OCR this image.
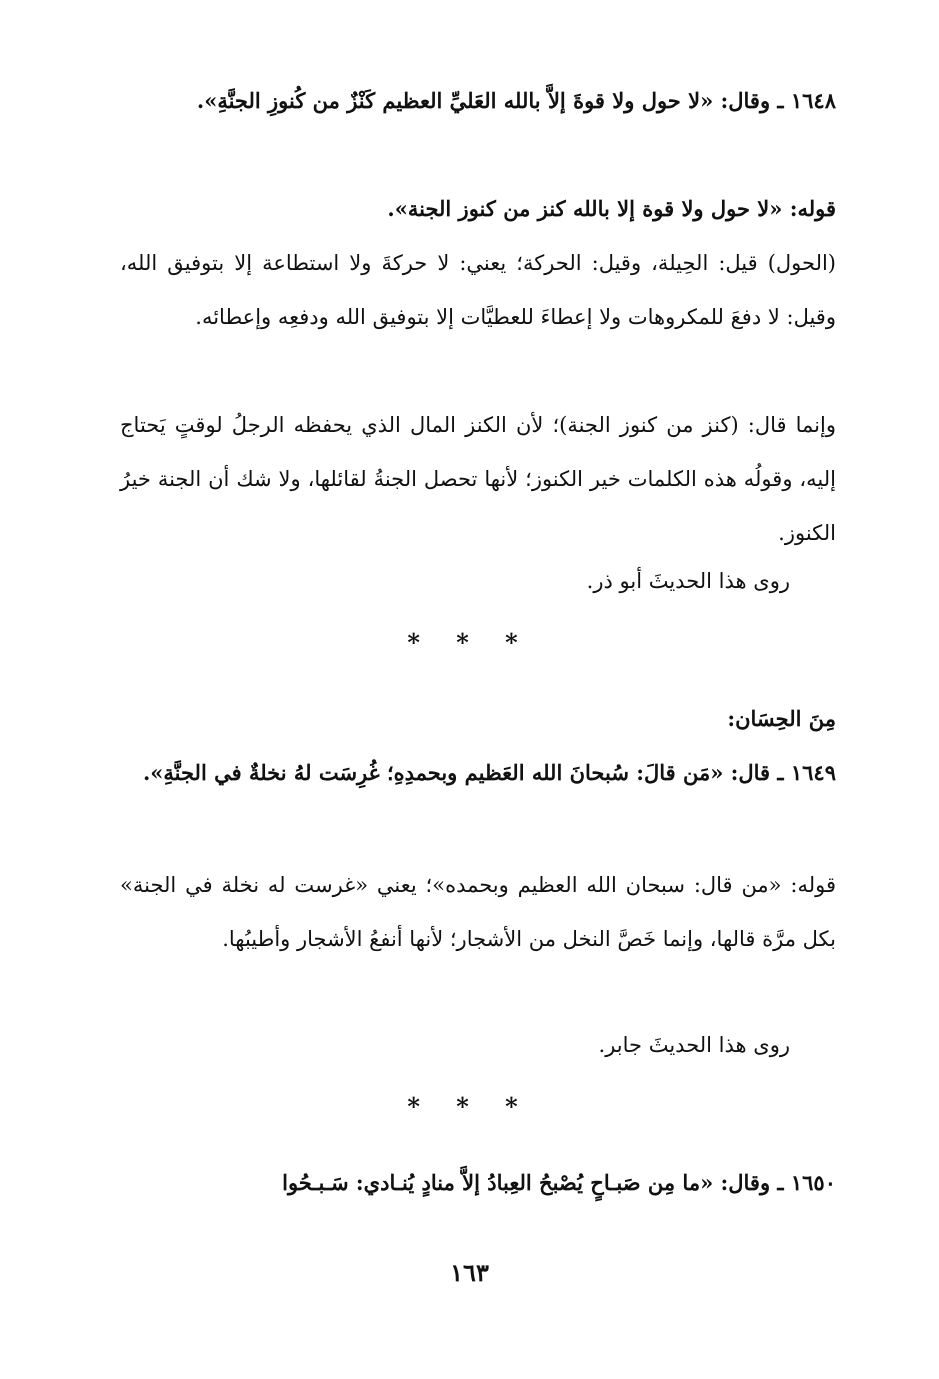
١٦٤٨ ـ وقال: «لا حول ولا قوةَ إلاَّ بالله العَليِّ العظيم كَنْزٌ من كُنوزِ الجنَّةِ».

قوله: «لا حول ولا قوة إلا بالله كنز من كنوز الجنة».

(الحول) قيل: الحِيلة، وقيل: الحركة؛ يعني: لا حركةَ ولا استطاعة إلا بتوفيق الله، وقيل: لا دفعَ للمكروهات ولا إعطاءَ للعطيَّات إلا بتوفيق الله ودفعِه وإعطائه.

وإنما قال: (كنز من كنوز الجنة)؛ لأن الكنز المال الذي يحفظه الرجلُ لوقتٍ يَحتاج إليه، وقولُه هذه الكلمات خير الكنوز؛ لأنها تحصل الجنةُ لقائلها، ولا شك أن الجنة خيرُ الكنوز.

روى هذا الحديثَ أبو ذر.

* * *

مِنَ الحِسَان:

١٦٤٩ ـ قال: «مَن قالَ: سُبحانَ الله العَظيم وبحمدِهِ؛ غُرِسَت لهُ نخلةٌ في الجنَّةِ».

قوله: «من قال: سبحان الله العظيم وبحمده»؛ يعني «غرست له نخلة في الجنة» بكل مرَّة قالها، وإنما خَصَّ النخل من الأشجار؛ لأنها أنفعُ الأشجار وأطيبُها.

روى هذا الحديثَ جابر.

* * *

١٦٥٠ ـ وقال: «ما مِن صَبـاحٍ يُصْبحُ العِبادُ إلاَّ منادٍ يُنـادي: سَـبـحُوا

١٦٣
